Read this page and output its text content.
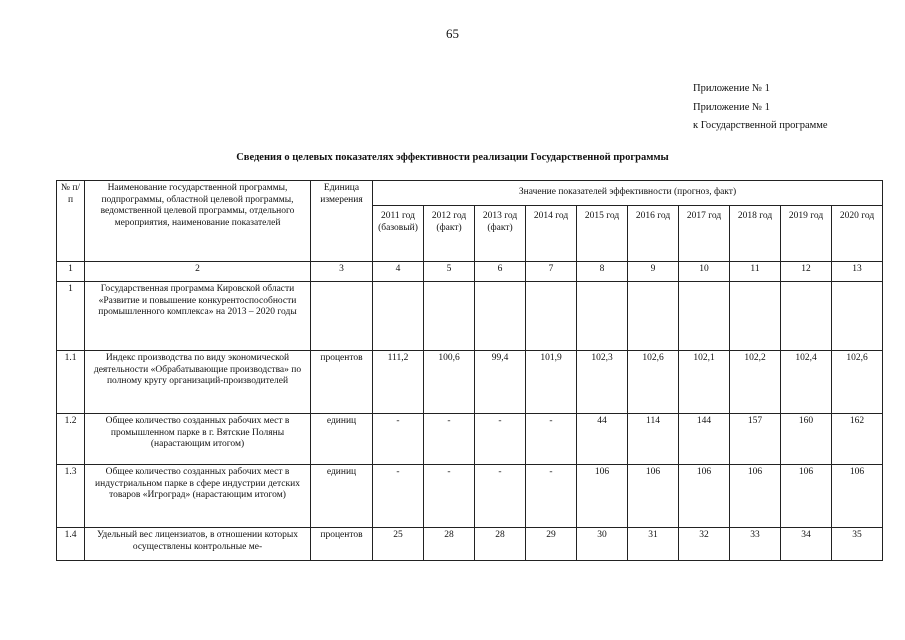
65
Приложение № 1
Приложение № 1
к Государственной программе
Сведения о целевых показателях эффективности реализации Государственной программы
№ п/п	Наименование государственной программы, подпрограммы, областной целевой программы, ведомственной целевой программы, отдельного мероприятия, наименование показателей	Единица измерения	Значение показателей эффективности (прогноз, факт)									
			2011 год (базовый)	2012 год (факт)	2013 год (факт)	2014 год	2015 год	2016 год	2017 год	2018 год	2019 год	2020 год
1	2	3	4	5	6	7	8	9	10	11	12	13
1	Государственная программа Кировской области «Развитие и повышение конкурентоспособности промышленного комплекса» на 2013 – 2020 годы											
1.1	Индекс производства по виду экономической деятельности «Обрабатывающие производства» по полному кругу организаций-производителей	процентов	111,2	100,6	99,4	101,9	102,3	102,6	102,1	102,2	102,4	102,6
1.2	Общее количество созданных рабочих мест в промышленном парке в г. Вятские Поляны (нарастающим итогом)	единиц	-	-	-	-	44	114	144	157	160	162
1.3	Общее количество созданных рабочих мест в индустриальном парке в сфере индустрии детских товаров «Игроград» (нарастающим итогом)	единиц	-	-	-	-	106	106	106	106	106	106
1.4	Удельный вес лицензиатов, в отношении которых осуществлены контрольные ме-	процентов	25	28	28	29	30	31	32	33	34	35
